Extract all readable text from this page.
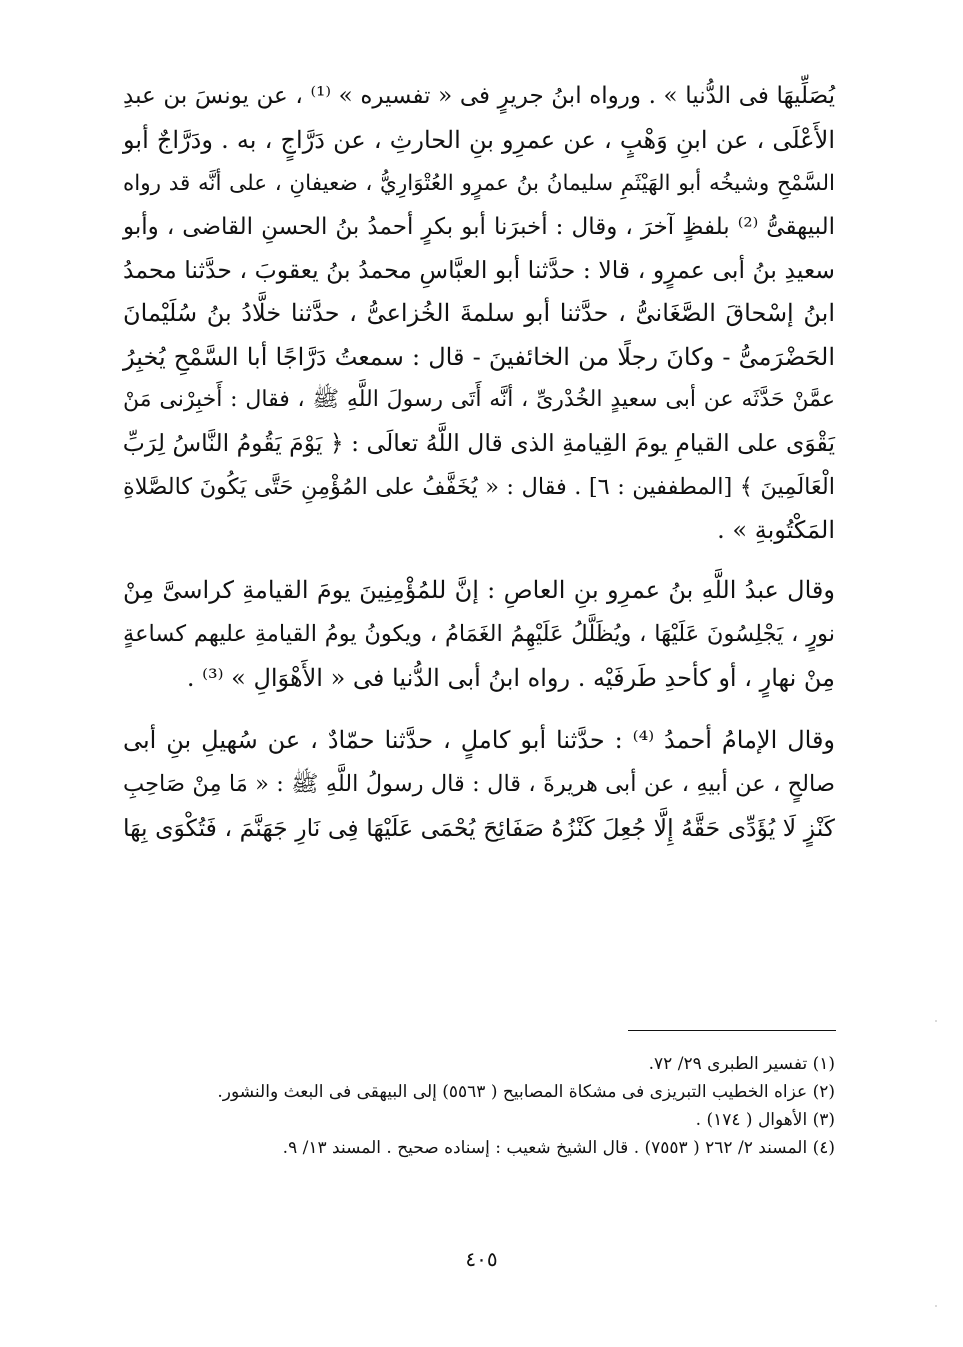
يُصَلِّيهَا فى الدُّنيا » . ورواه ابنُ جريرٍ فى « تفسيره » ⁽¹⁾ ، عن يونسَ بن عبدِ
الأَعْلَى ، عن ابنِ وَهْبٍ ، عن عمرِو بنِ الحارثِ ، عن دَرَّاجٍ ، به . ودَرَّاجٌ أبو
السَّمْحِ وشيخُه أبو الهَيْثَمِ سليمانُ بنُ عمرٍو العُتْوَارِيُّ ، ضعيفانِ ، على أنَّه قد رواه
البيهقىُّ ⁽²⁾ بلفظٍ آخرَ ، وقال : أخبرَنا أبو بكرٍ أحمدُ بنُ الحسنِ القاضى ، وأبو
سعيدِ بنُ أبى عمرٍو ، قالا : حدَّثنا أبو العبَّاسِ محمدُ بنُ يعقوبَ ، حدَّثنا محمدُ
ابنُ إسْحاقَ الصَّغَانىُّ ، حدَّثنا أبو سلمةَ الخُزاعىُّ ، حدَّثنا خلَّادُ بنُ سُلَيْمانَ
الحَضْرَمىُّ - وكانَ رجلًا من الخائفينَ - قال : سمعتُ دَرَّاجًا أبا السَّمْحِ يُخبِرُ
عمَّنْ حَدَّثَه عن أبى سعيدٍ الخُدْرىِّ ، أنَّه أَتَى رسولَ اللَّهِ ﷺ ، فقال : أَخبِرْنى مَنْ
يَقْوَى على القيامِ يومَ القِيامةِ الذى قال اللَّهُ تعالَى : ﴿ يَوْمَ يَقُومُ النَّاسُ لِرَبِّ
الْعَالَمِينَ ﴾ [المطففين : ٦] . فقال : « يُخَفَّفُ على المُؤْمِنِ حَتَّى يَكُونَ كالصَّلاةِ
المَكْتُوبةِ » .
وقال عبدُ اللَّهِ بنُ عمرِو بنِ العاصِ : إنَّ للمُؤْمِنِينَ يومَ القيامةِ كراسىَّ مِنْ
نورٍ ، يَجْلِسُونَ عَلَيْهَا ، ويُظَلَّلُ عَلَيْهِمُ الغَمَامُ ، ويكونُ يومُ القيامةِ عليهم كساعةٍ
مِنْ نهارٍ ، أو كأحدِ طَرفَيْه . رواه ابنُ أبى الدُّنيا فى « الأَهْوَالِ » ⁽³⁾ .
وقال الإمامُ أحمدُ ⁽⁴⁾ : حدَّثنا أبو كاملٍ ، حدَّثنا حمّادٌ ، عن سُهيلِ بنِ أبى
صالحٍ ، عن أبيهِ ، عن أبى هريرةَ ، قال : قال رسولُ اللَّهِ ﷺ : « مَا مِنْ صَاحِبِ
كَنْزٍ لَا يُؤَدِّى حَقَّهُ إِلَّا جُعِلَ كَنْزُهُ صَفَائِحَ يُحْمَى عَلَيْهَا فِى نَارِ جَهَنَّمَ ، فَتُكْوَى بِهَا
(١) تفسير الطبرى ٢٩/ ٧٢.
(٢) عزاه الخطيب التبريزى فى مشكاة المصابيح ( ٥٥٦٣) إلى البيهقى فى البعث والنشور.
(٣) الأهوال ( ١٧٤) .
(٤) المسند ٢/ ٢٦٢ ( ٧٥٥٣) . قال الشيخ شعيب : إسناده صحيح . المسند ١٣/ ٩.
٤٠٥
